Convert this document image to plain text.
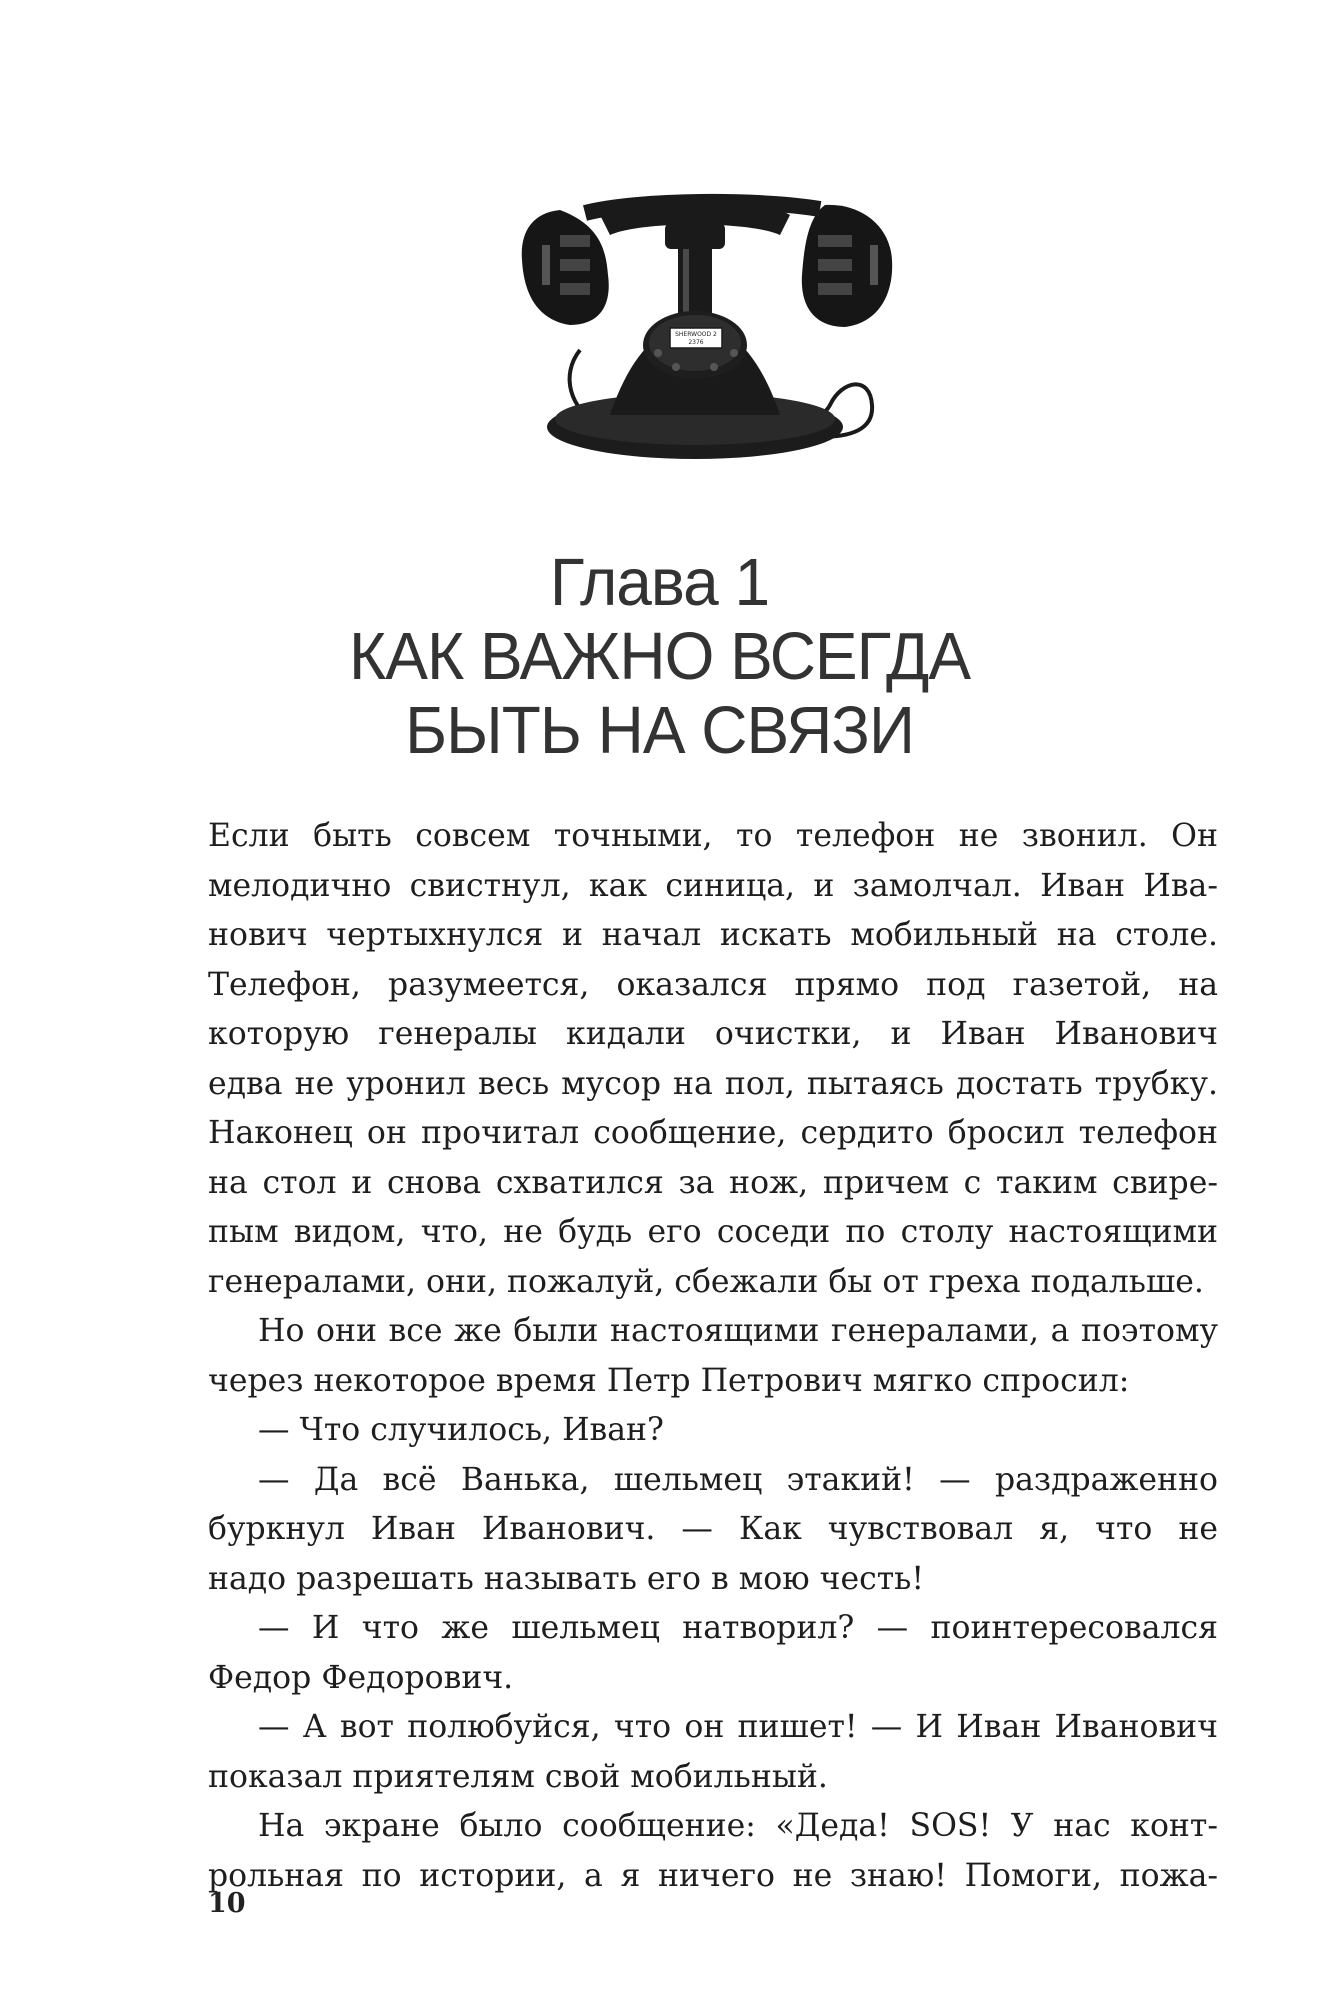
SHERWOOD 2
2376
Глава 1
КАК ВАЖНО ВСЕГДА
БЫТЬ НА СВЯЗИ

Если быть совсем точными, то телефон не звонил. Он

мелодично свистнул, как синица, и замолчал. Иван Ива-

нович чертыхнулся и начал искать мобильный на столе.

Телефон, разумеется, оказался прямо под газетой, на

которую генералы кидали очистки, и Иван Иванович

едва не уронил весь мусор на пол, пытаясь достать трубку.

Наконец он прочитал сообщение, сердито бросил телефон

на стол и снова схватился за нож, причем с таким свире-

пым видом, что, не будь его соседи по столу настоящими

генералами, они, пожалуй, сбежали бы от греха подальше.

Но они все же были настоящими генералами, а поэтому

через некоторое время Петр Петрович мягко спросил:

— Что случилось, Иван?

— Да всё Ванька, шельмец этакий! — раздраженно

буркнул Иван Иванович. — Как чувствовал я, что не

надо разрешать называть его в мою честь!

— И что же шельмец натворил? — поинтересовался

Федор Федорович.

— А вот полюбуйся, что он пишет! — И Иван Иванович

показал приятелям свой мобильный.

На экране было сообщение: «Деда! SOS! У нас конт-

рольная по истории, а я ничего не знаю! Помоги, пожа-

10
